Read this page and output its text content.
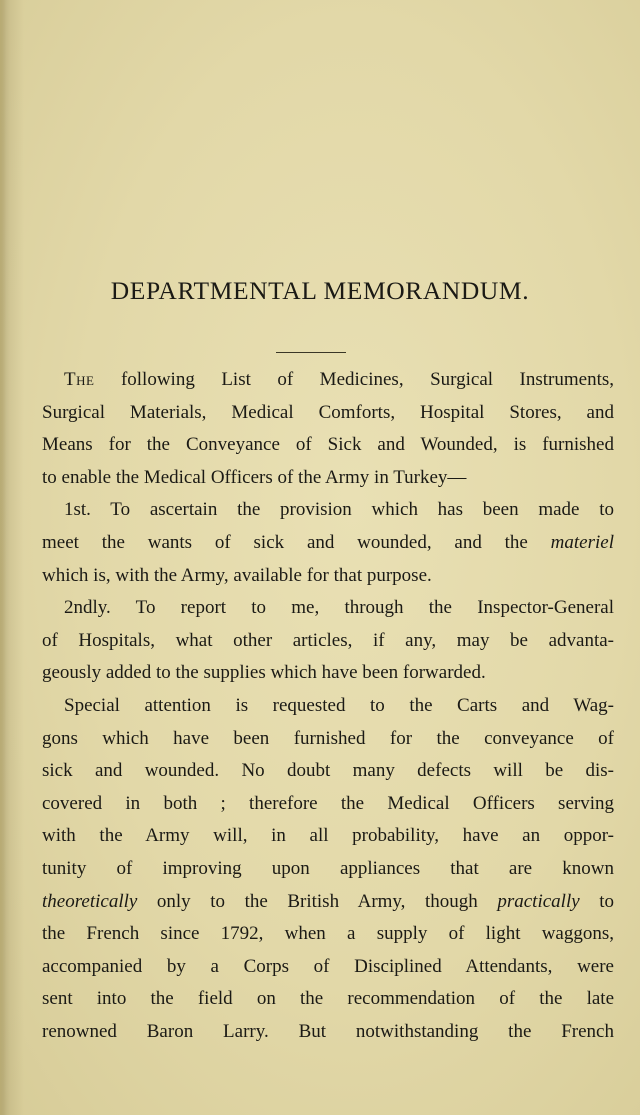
DEPARTMENTAL MEMORANDUM.
The following List of Medicines, Surgical Instruments,
Surgical Materials, Medical Comforts, Hospital Stores, and
Means for the Conveyance of Sick and Wounded, is furnished
to enable the Medical Officers of the Army in Turkey—
1st. To ascertain the provision which has been made to
meet the wants of sick and wounded, and the materiel
which is, with the Army, available for that purpose.
2ndly. To report to me, through the Inspector-General
of Hospitals, what other articles, if any, may be advanta-
geously added to the supplies which have been forwarded.
Special attention is requested to the Carts and Wag-
gons which have been furnished for the conveyance of
sick and wounded. No doubt many defects will be dis-
covered in both ; therefore the Medical Officers serving
with the Army will, in all probability, have an oppor-
tunity of improving upon appliances that are known
theoretically only to the British Army, though practically to
the French since 1792, when a supply of light waggons,
accompanied by a Corps of Disciplined Attendants, were
sent into the field on the recommendation of the late
renowned Baron Larry. But notwithstanding the French
